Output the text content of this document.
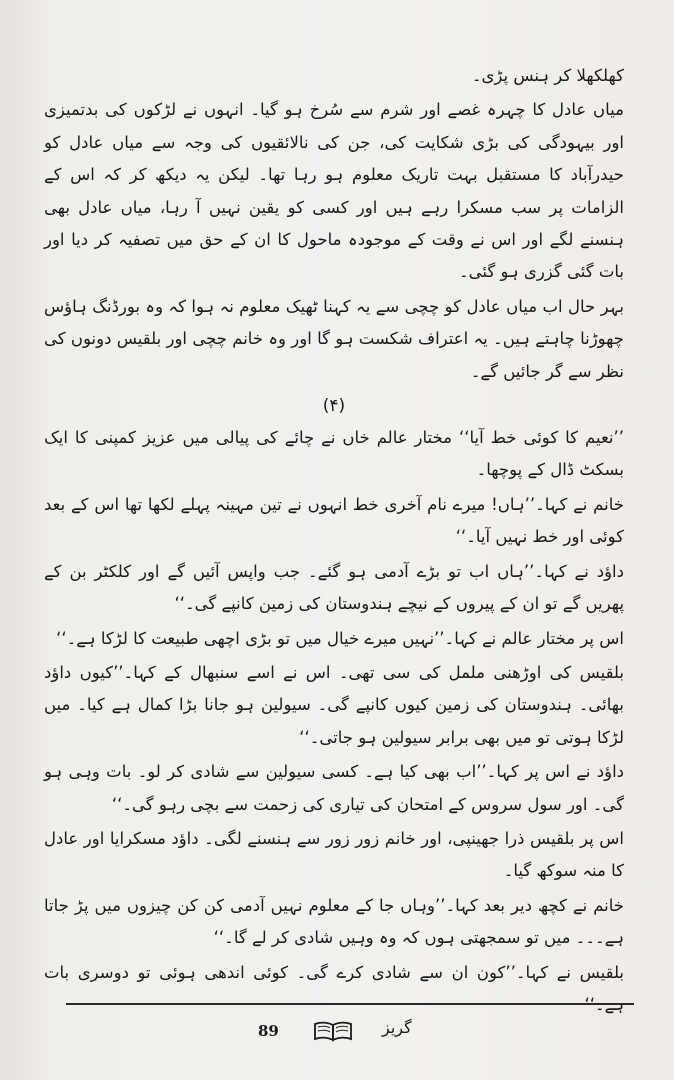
کھلکھلا کر ہنس پڑی۔

میاں عادل کا چہرہ غصے اور شرم سے سُرخ ہو گیا۔ انہوں نے لڑکوں کی بدتمیزی اور بیہودگی کی بڑی شکایت کی، جن کی نالائقیوں کی وجہ سے میاں عادل کو حیدرآباد کا مستقبل بہت تاریک معلوم ہو رہا تھا۔ لیکن یہ دیکھ کر کہ اس کے الزامات پر سب مسکرا رہے ہیں اور کسی کو یقین نہیں آ رہا، میاں عادل بھی ہنسنے لگے اور اس نے وقت کے موجودہ ماحول کا ان کے حق میں تصفیہ کر دیا اور بات گئی گزری ہو گئی۔

بہر حال اب میاں عادل کو چچی سے یہ کہنا ٹھیک معلوم نہ ہوا کہ وہ بورڈنگ ہاؤس چھوڑنا چاہتے ہیں۔ یہ اعتراف شکست ہو گا اور وہ خانم چچی اور بلقیس دونوں کی نظر سے گر جائیں گے۔

(۴)

’’نعیم کا کوئی خط آیا‘‘ مختار عالم خاں نے چائے کی پیالی میں عزیز کمپنی کا ایک بسکٹ ڈال کے پوچھا۔

خانم نے کہا۔’’ہاں! میرے نام آخری خط انہوں نے تین مہینہ پہلے لکھا تھا اس کے بعد کوئی اور خط نہیں آیا۔‘‘

داؤد نے کہا۔’’ہاں اب تو بڑے آدمی ہو گئے۔ جب واپس آئیں گے اور کلکٹر بن کے پھریں گے تو ان کے پیروں کے نیچے ہندوستان کی زمین کانپے گی۔‘‘

اس پر مختار عالم نے کہا۔’’نہیں میرے خیال میں تو بڑی اچھی طبیعت کا لڑکا ہے۔‘‘

بلقیس کی اوڑھنی ململ کی سی تھی۔ اس نے اسے سنبھال کے کہا۔’’کیوں داؤد بھائی۔ ہندوستان کی زمین کیوں کانپے گی۔ سیولین ہو جانا بڑا کمال ہے کیا۔ میں لڑکا ہوتی تو میں بھی برابر سیولین ہو جاتی۔‘‘

داؤد نے اس پر کہا۔’’اب بھی کیا ہے۔ کسی سیولین سے شادی کر لو۔ بات وہی ہو گی۔ اور سول سروس کے امتحان کی تیاری کی زحمت سے بچی رہو گی۔‘‘

اس پر بلقیس ذرا جھینپی، اور خانم زور زور سے ہنسنے لگی۔ داؤد مسکرایا اور عادل کا منہ سوکھ گیا۔

خانم نے کچھ دیر بعد کہا۔’’وہاں جا کے معلوم نہیں آدمی کن کن چیزوں میں پڑ جاتا ہے۔۔۔ میں تو سمجھتی ہوں کہ وہ وہیں شادی کر لے گا۔‘‘

بلقیس نے کہا۔’’کون ان سے شادی کرے گی۔ کوئی اندھی ہوئی تو دوسری بات ہے۔‘‘

89	گریز
